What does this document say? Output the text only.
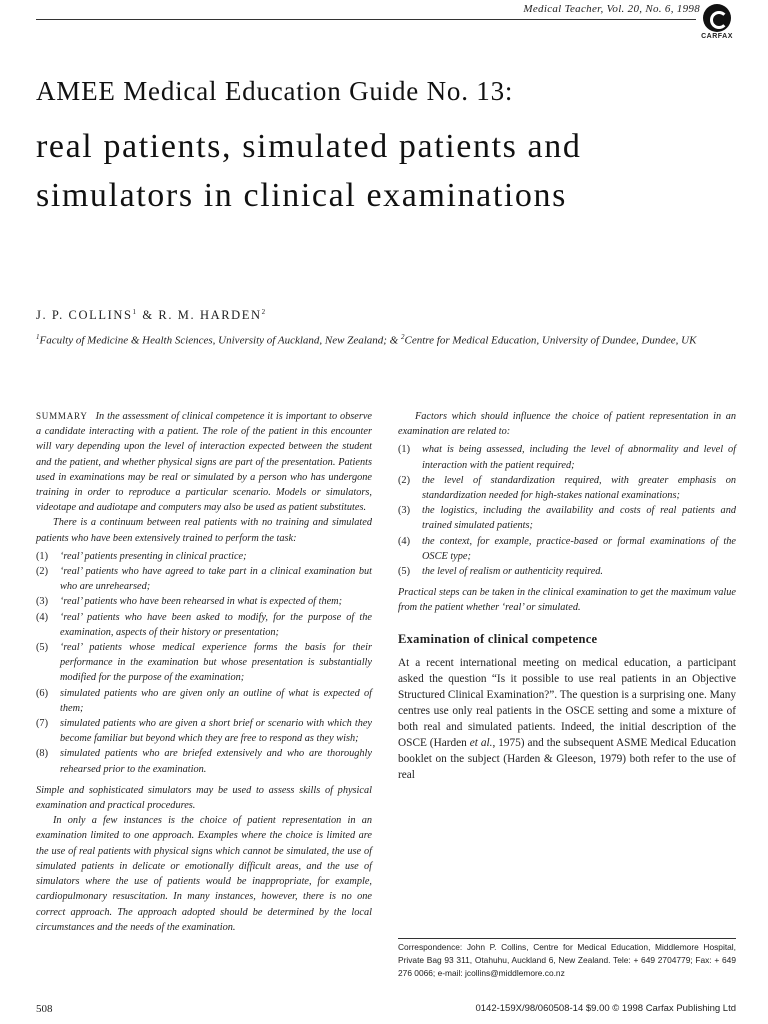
Medical Teacher, Vol. 20, No. 6, 1998
CARFAX
AMEE Medical Education Guide No. 13:
real patients, simulated patients and simulators in clinical examinations
J. P. COLLINS$^1$ & R. M. HARDEN$^2$
$^1$Faculty of Medicine & Health Sciences, University of Auckland, New Zealand; & $^2$Centre for Medical Education, University of Dundee, Dundee, UK

SUMMARY In the assessment of clinical competence it is important to observe a candidate interacting with a patient. The role of the patient in this encounter will vary depending upon the level of interaction expected between the student and the patient, and whether physical signs are part of the presentation. Patients used in examinations may be real or simulated by a person who has undergone training in order to reproduce a particular scenario. Models or simulators, videotape and audiotape and computers may also be used as patient substitutes.

There is a continuum between real patients with no training and simulated patients who have been extensively trained to perform the task:

(1) ‘real’ patients presenting in clinical practice;
(2) ‘real’ patients who have agreed to take part in a clinical examination but who are unrehearsed;
(3) ‘real’ patients who have been rehearsed in what is expected of them;
(4) ‘real’ patients who have been asked to modify, for the purpose of the examination, aspects of their history or presentation;
(5) ‘real’ patients whose medical experience forms the basis for their performance in the examination but whose presentation is substantially modified for the purpose of the examination;
(6) simulated patients who are given only an outline of what is expected of them;
(7) simulated patients who are given a short brief or scenario with which they become familiar but beyond which they are free to respond as they wish;
(8) simulated patients who are briefed extensively and who are thoroughly rehearsed prior to the examination.

Simple and sophisticated simulators may be used to assess skills of physical examination and practical procedures.

In only a few instances is the choice of patient representation in an examination limited to one approach. Examples where the choice is limited are the use of real patients with physical signs which cannot be simulated, the use of simulated patients in delicate or emotionally difficult areas, and the use of simulators where the use of patients would be inappropriate, for example, cardiopulmonary resuscitation. In many instances, however, there is no one correct approach. The approach adopted should be determined by the local circumstances and the needs of the examination.

Factors which should influence the choice of patient representation in an examination are related to:

(1) what is being assessed, including the level of abnormality and level of interaction with the patient required;
(2) the level of standardization required, with greater emphasis on standardization needed for high-stakes national examinations;
(3) the logistics, including the availability and costs of real patients and trained simulated patients;
(4) the context, for example, practice-based or formal examinations of the OSCE type;
(5) the level of realism or authenticity required.

Practical steps can be taken in the clinical examination to get the maximum value from the patient whether ‘real’ or simulated.

Examination of clinical competence

At a recent international meeting on medical education, a participant asked the question “Is it possible to use real patients in an Objective Structured Clinical Examination?”. The question is a surprising one. Many centres use only real patients in the OSCE setting and some a mixture of both real and simulated patients. Indeed, the initial description of the OSCE (Harden et al., 1975) and the subsequent ASME Medical Education booklet on the subject (Harden & Gleeson, 1979) both refer to the use of real

Correspondence: John P. Collins, Centre for Medical Education, Middlemore Hospital, Private Bag 93 311, Otahuhu, Auckland 6, New Zealand. Tele: + 649 2704779; Fax: + 649 276 0066; e-mail: jcollins@middlemore.co.nz
508	0142-159X/98/060508-14 $9.00 © 1998 Carfax Publishing Ltd
